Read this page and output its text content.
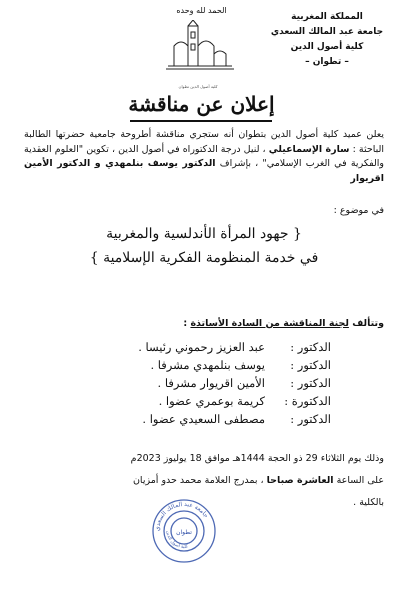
الحمد لله وحده
المملكة المغربية
جامعة عبد المالك السعدي
كلية أصول الدين
– تطوان –
كلية أصول الدين تطوان
إعلان عن مناقشة
يعلن عميد كلية أصول الدين بتطوان أنه ستجري مناقشة أطروحة جامعية حضرتها الطالبة الباحثة : سارة الإسماعيلي ، لنيل درجة الدكتوراه في أصول الدين ، تكوين "العلوم العقدية والفكرية في الغرب الإسلامي" ، بإشراف الدكتور يوسف بنلمهدي و الدكتور الأمين اقريوار
في موضوع :
{ جهود المرأة الأندلسية والمغربية
في خدمة المنظومة الفكرية الإسلامية }
وتتألف لجنة المناقشة من السادة الأساتذة :
الدكتور :
عبد العزيز رحموني رئيسا .
الدكتور :
يوسف بنلمهدي مشرفا .
الدكتور :
الأمين اقريوار مشرفا .
الدكتورة :
كريمة بوعمري عضوا .
الدكتور :
مصطفى السعيدي عضوا .
وذلك يوم الثلاثاء 29 ذو الحجة 1444هـ موافق 18 يوليوز 2023م
على الساعة العاشرة صباحا ، بمدرج العلامة محمد حدو أمزيان
بالكلية .
جامعة عبد المالك السعدي
كلية أصول الدين
تطوان
